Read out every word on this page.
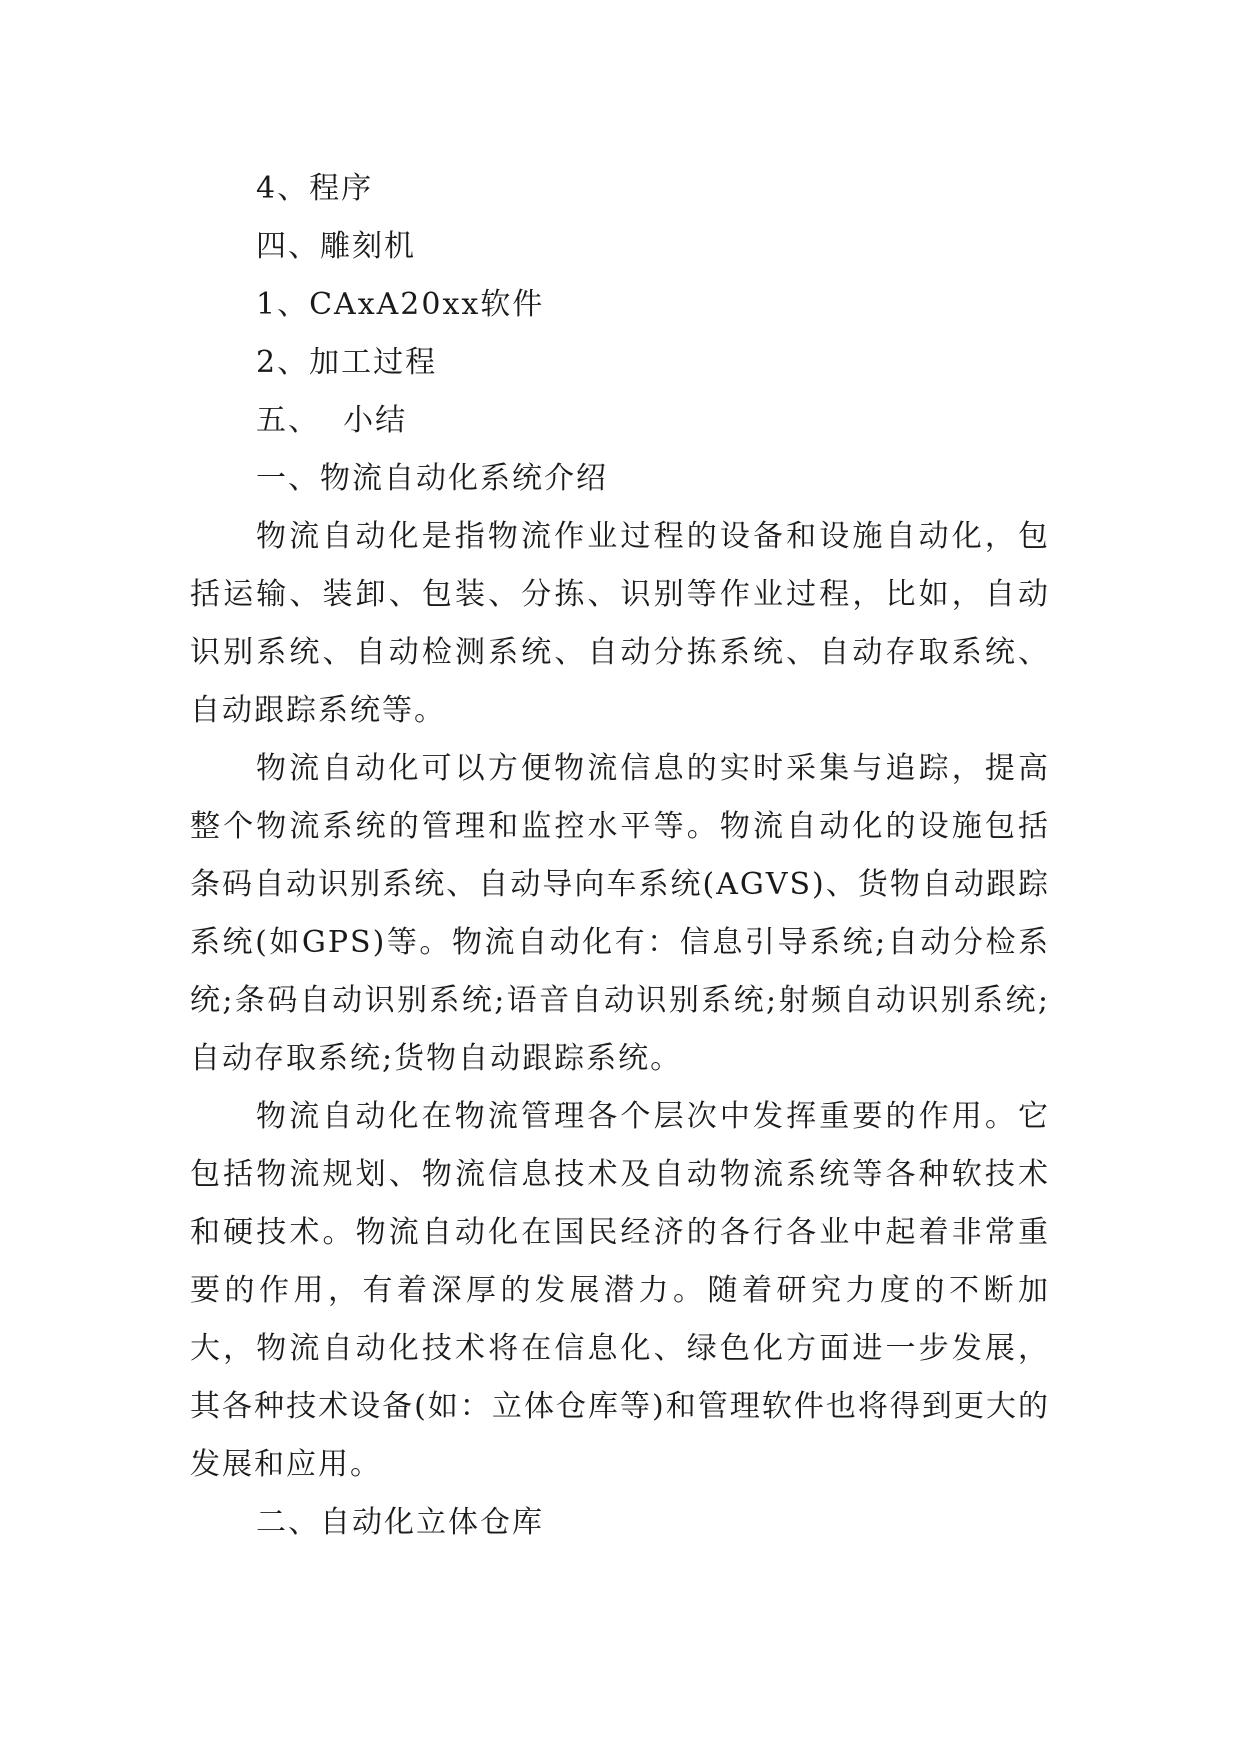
4、程序

四、雕刻机

1、CAxA20xx软件

2、加工过程

五、  小结

一、物流自动化系统介绍

物流自动化是指物流作业过程的设备和设施自动化，包括运输、装卸、包装、分拣、识别等作业过程，比如，自动识别系统、自动检测系统、自动分拣系统、自动存取系统、自动跟踪系统等。

物流自动化可以方便物流信息的实时采集与追踪，提高整个物流系统的管理和监控水平等。物流自动化的设施包括条码自动识别系统、自动导向车系统(AGVS)、货物自动跟踪系统(如GPS)等。物流自动化有：信息引导系统;自动分检系统;条码自动识别系统;语音自动识别系统;射频自动识别系统;自动存取系统;货物自动跟踪系统。

物流自动化在物流管理各个层次中发挥重要的作用。它包括物流规划、物流信息技术及自动物流系统等各种软技术和硬技术。物流自动化在国民经济的各行各业中起着非常重要的作用，有着深厚的发展潜力。随着研究力度的不断加大，物流自动化技术将在信息化、绿色化方面进一步发展，其各种技术设备(如：立体仓库等)和管理软件也将得到更大的发展和应用。

二、自动化立体仓库
